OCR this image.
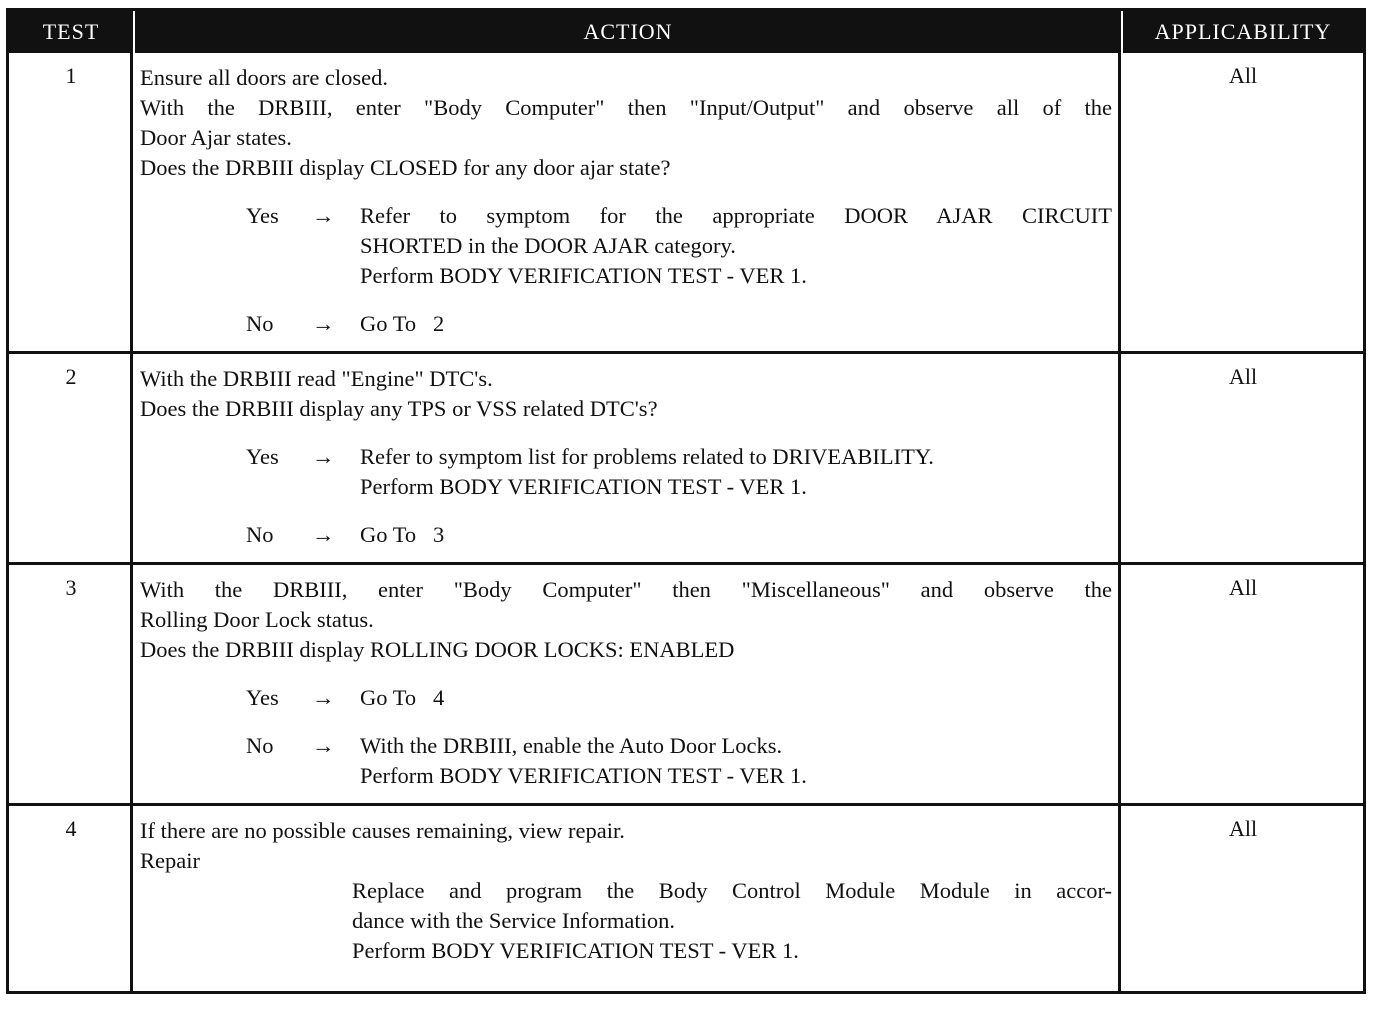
TEST	ACTION	APPLICABILITY
1	Ensure all doors are closed.

With the DRBIII, enter "Body Computer" then "Input/Output" and observe all of the

Door Ajar states.

Does the DRBIII display CLOSED for any door ajar state?

Yes → Refer to symptom for the appropriate DOOR AJAR CIRCUIT

SHORTED in the DOOR AJAR category.

Perform BODY VERIFICATION TEST - VER 1.

No → Go To   2

All
2	With the DRBIII read "Engine" DTC's.

Does the DRBIII display any TPS or VSS related DTC's?

Yes → Refer to symptom list for problems related to DRIVEABILITY.

Perform BODY VERIFICATION TEST - VER 1.

No → Go To   3

All
3	With the DRBIII, enter "Body Computer" then "Miscellaneous" and observe the

Rolling Door Lock status.

Does the DRBIII display ROLLING DOOR LOCKS: ENABLED

Yes → Go To   4

No → With the DRBIII, enable the Auto Door Locks.

Perform BODY VERIFICATION TEST - VER 1.

All
4	If there are no possible causes remaining, view repair.

Repair

Replace and program the Body Control Module Module in accor-

dance with the Service Information.

Perform BODY VERIFICATION TEST - VER 1.

All
